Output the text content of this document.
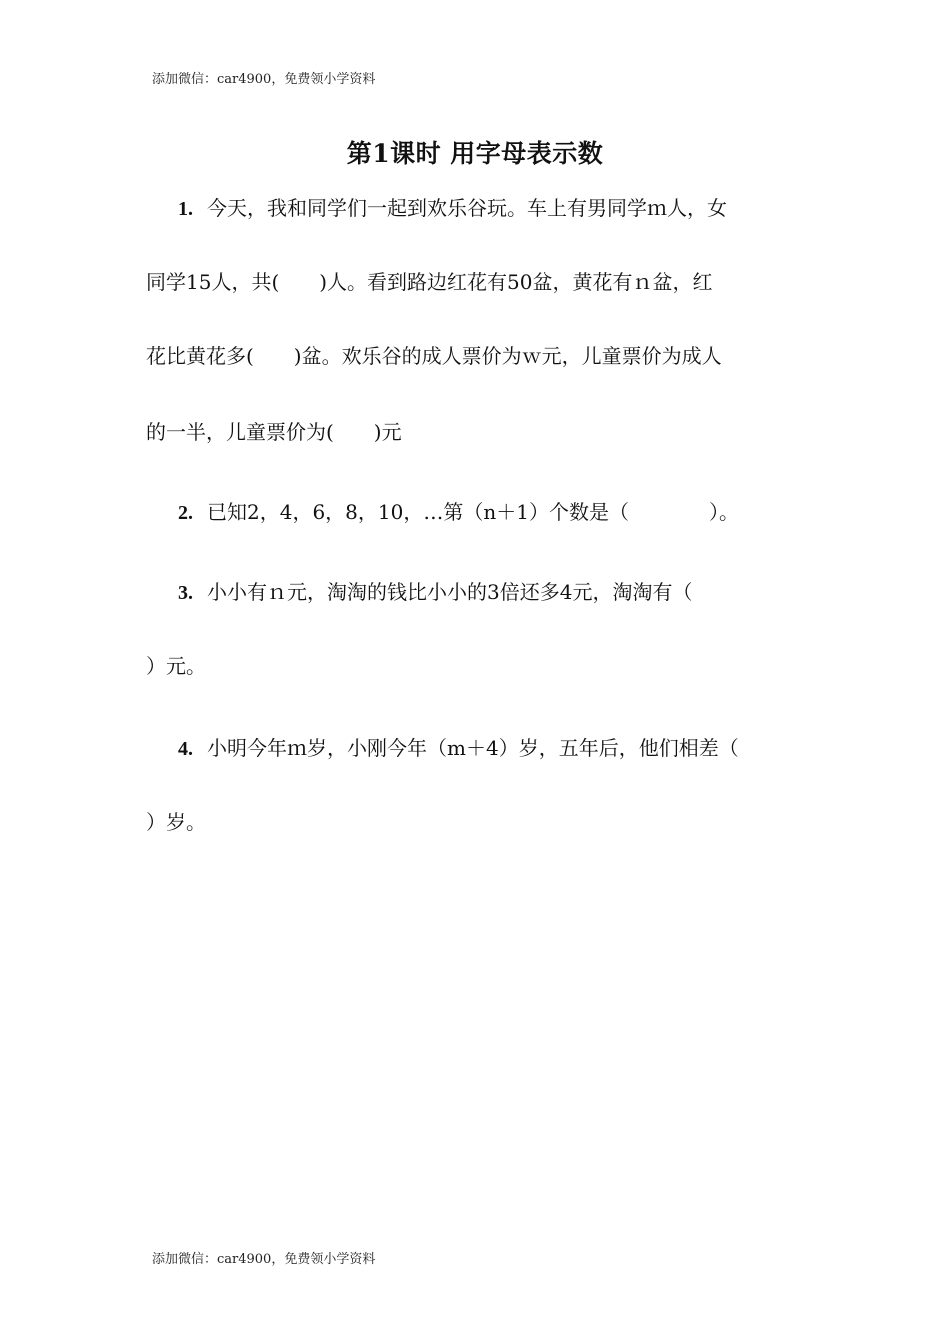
添加微信：car4900，免费领小学资料
第1课时 用字母表示数
1. 今天，我和同学们一起到欢乐谷玩。车上有男同学ｍ人，女
同学15人，共(　　)人。看到路边红花有50盆，黄花有ｎ盆，红
花比黄花多(　　)盆。欢乐谷的成人票价为ｗ元，儿童票价为成人
的一半，儿童票价为(　　)元
2. 已知2，4，6，8，10，…第（n＋1）个数是（　　　　）。
3. 小小有ｎ元，淘淘的钱比小小的3倍还多4元，淘淘有（
）元。
4. 小明今年ｍ岁，小刚今年（m＋4）岁，五年后，他们相差（
）岁。
添加微信：car4900，免费领小学资料
